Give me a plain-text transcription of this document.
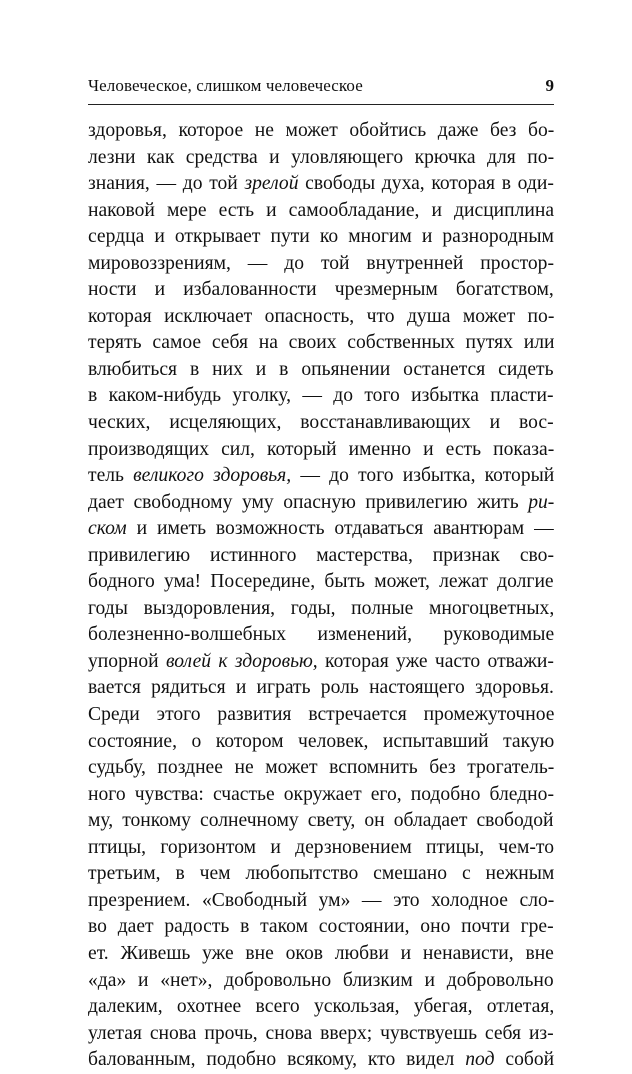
Человеческое, слишком человеческое	9
здоровья, которое не может обойтись даже без бо-
лезни как средства и уловляющего крючка для по-
знания, — до той зрелой свободы духа, которая в оди-
наковой мере есть и самообладание, и дисциплина
сердца и открывает пути ко многим и разнородным
мировоззрениям, — до той внутренней простор-
ности и избалованности чрезмерным богатством,
которая исключает опасность, что душа может по-
терять самое себя на своих собственных путях или
влюбиться в них и в опьянении останется сидеть
в каком-нибудь уголку, — до того избытка пласти-
ческих, исцеляющих, восстанавливающих и вос-
производящих сил, который именно и есть показа-
тель великого здоровья, — до того избытка, который
дает свободному уму опасную привилегию жить ри-
ском и иметь возможность отдаваться авантюрам —
привилегию истинного мастерства, признак сво-
бодного ума! Посередине, быть может, лежат долгие
годы выздоровления, годы, полные многоцветных,
болезненно-волшебных изменений, руководимые
упорной волей к здоровью, которая уже часто отважи-
вается рядиться и играть роль настоящего здоровья.
Среди этого развития встречается промежуточное
состояние, о котором человек, испытавший такую
судьбу, позднее не может вспомнить без трогатель-
ного чувства: счастье окружает его, подобно бледно-
му, тонкому солнечному свету, он обладает свободой
птицы, горизонтом и дерзновением птицы, чем-то
третьим, в чем любопытство смешано с нежным
презрением. «Свободный ум» — это холодное сло-
во дает радость в таком состоянии, оно почти гре-
ет. Живешь уже вне оков любви и ненависти, вне
«да» и «нет», добровольно близким и добровольно
далеким, охотнее всего ускользая, убегая, отлетая,
улетая снова прочь, снова вверх; чувствуешь себя из-
балованным, подобно всякому, кто видел под собой
